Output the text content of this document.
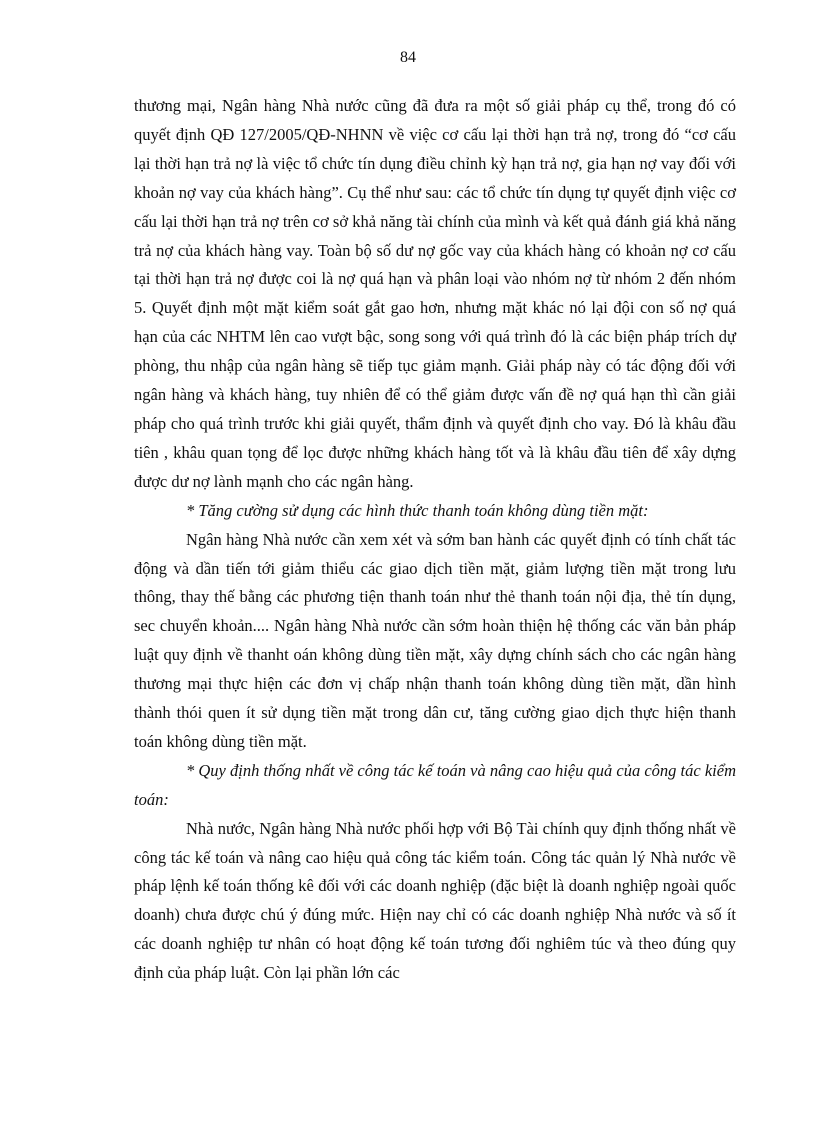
84

thương mại, Ngân hàng Nhà nước cũng đã đưa ra một số giải pháp cụ thể, trong đó có quyết định QĐ 127/2005/QĐ-NHNN về việc cơ cấu lại thời hạn trả nợ, trong đó “cơ cấu lại thời hạn trả nợ là việc tổ chức tín dụng điều chỉnh kỳ hạn trả nợ, gia hạn nợ vay đối với khoản nợ vay của khách hàng”. Cụ thể như sau: các tổ chức tín dụng tự quyết định việc cơ cấu lại thời hạn trả nợ trên cơ sở khả năng tài chính của mình và kết quả đánh giá khả năng trả nợ của khách hàng vay. Toàn bộ số dư nợ gốc vay của khách hàng có khoản nợ cơ cấu tại thời hạn trả nợ được coi là nợ quá hạn và phân loại vào nhóm nợ từ nhóm 2 đến nhóm 5. Quyết định một mặt kiểm soát gắt gao hơn, nhưng mặt khác nó lại đội con số nợ quá hạn của các NHTM lên cao vượt bậc, song song với quá trình đó là các biện pháp trích dự phòng, thu nhập của ngân hàng sẽ tiếp tục giảm mạnh. Giải pháp này có tác động đối với ngân hàng và khách hàng, tuy nhiên để có thể giảm được vấn đề nợ quá hạn thì cần giải pháp cho quá trình trước khi giải quyết, thẩm định và quyết định cho vay. Đó là khâu đầu tiên , khâu quan tọng để lọc được những khách hàng tốt và là khâu đầu tiên để xây dựng được dư nợ lành mạnh cho các ngân hàng.

* Tăng cường sử dụng các hình thức thanh toán không dùng tiền mặt:

Ngân hàng Nhà nước cần xem xét và sớm ban hành các quyết định có tính chất tác động và dần tiến tới giảm thiểu các giao dịch tiền mặt, giảm lượng tiền mặt trong lưu thông, thay thế bằng các phương tiện thanh toán như thẻ thanh toán nội địa, thẻ tín dụng, sec chuyển khoản.... Ngân hàng Nhà nước cần sớm hoàn thiện hệ thống các văn bản pháp luật quy định về thanht oán không dùng tiền mặt, xây dựng chính sách cho các ngân hàng thương mại thực hiện các đơn vị chấp nhận thanh toán không dùng tiền mặt, dần hình thành thói quen ít sử dụng tiền mặt trong dân cư, tăng cường giao dịch thực hiện thanh toán không dùng tiền mặt.

* Quy định thống nhất về công tác kế toán và nâng cao hiệu quả của công tác kiểm toán:

Nhà nước, Ngân hàng Nhà nước phối hợp với Bộ Tài chính quy định thống nhất về công tác kế toán và nâng cao hiệu quả công tác kiểm toán. Công tác quản lý Nhà nước về pháp lệnh kế toán thống kê đối với các doanh nghiệp (đặc biệt là doanh nghiệp ngoài quốc doanh) chưa được chú ý đúng mức. Hiện nay chỉ có các doanh nghiệp Nhà nước và số ít các doanh nghiệp tư nhân có hoạt động kế toán tương đối nghiêm túc và theo đúng quy định của pháp luật. Còn lại phần lớn các
